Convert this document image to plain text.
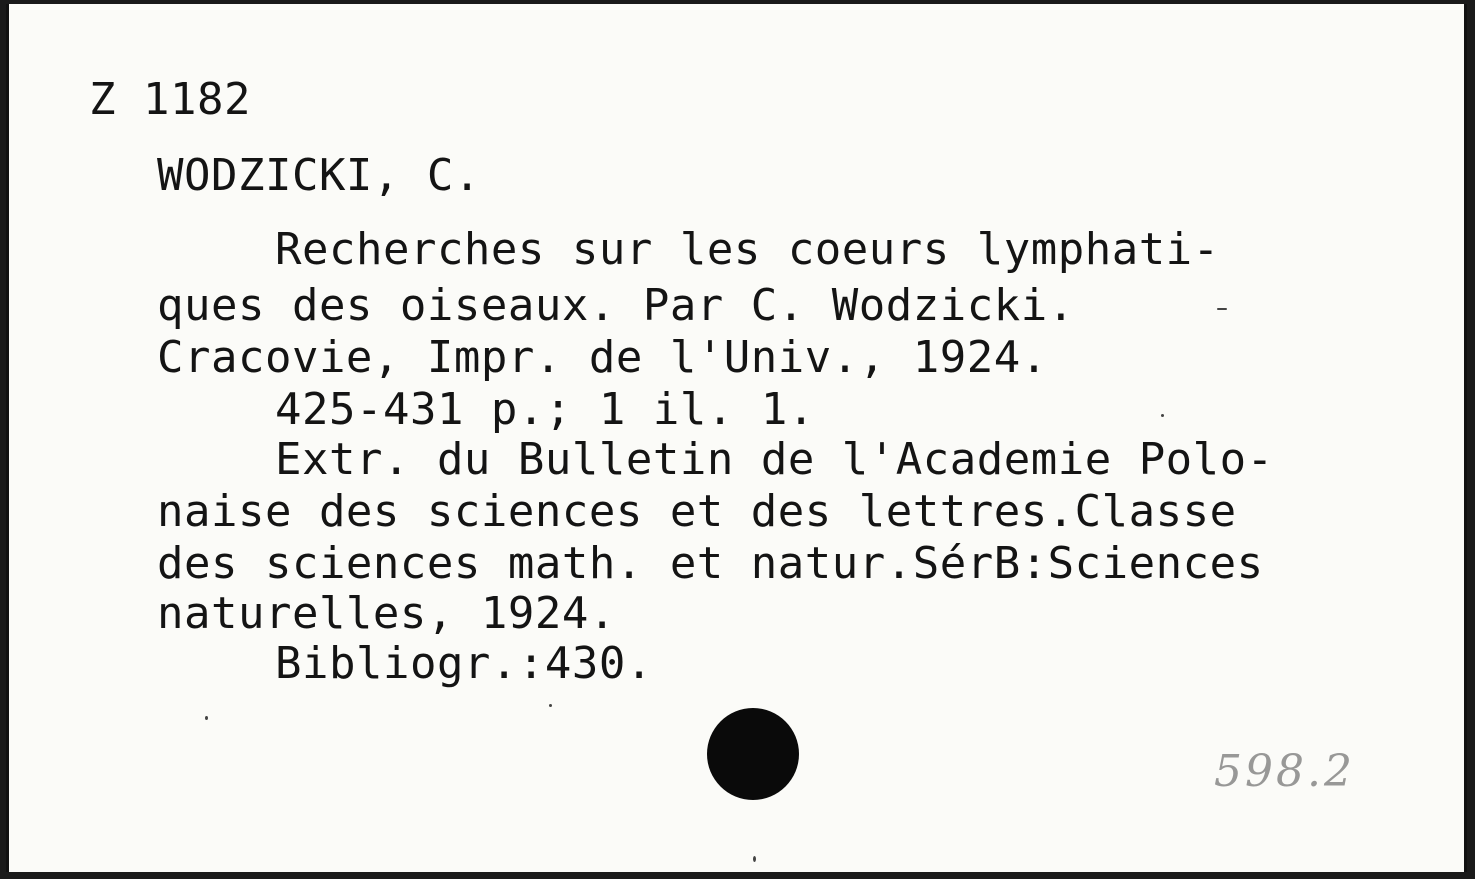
Z 1182
WODZICKI, C.
Recherches sur les coeurs lymphati-
ques des oiseaux. Par C. Wodzicki.
Cracovie, Impr. de l'Univ., 1924.
425-431 p.; 1 il. 1.
Extr. du Bulletin de l'Academie Polo-
naise des sciences et des lettres.Classe
des sciences math. et natur.SérB:Sciences
naturelles, 1924.
Bibliogr.:430.
598.2
